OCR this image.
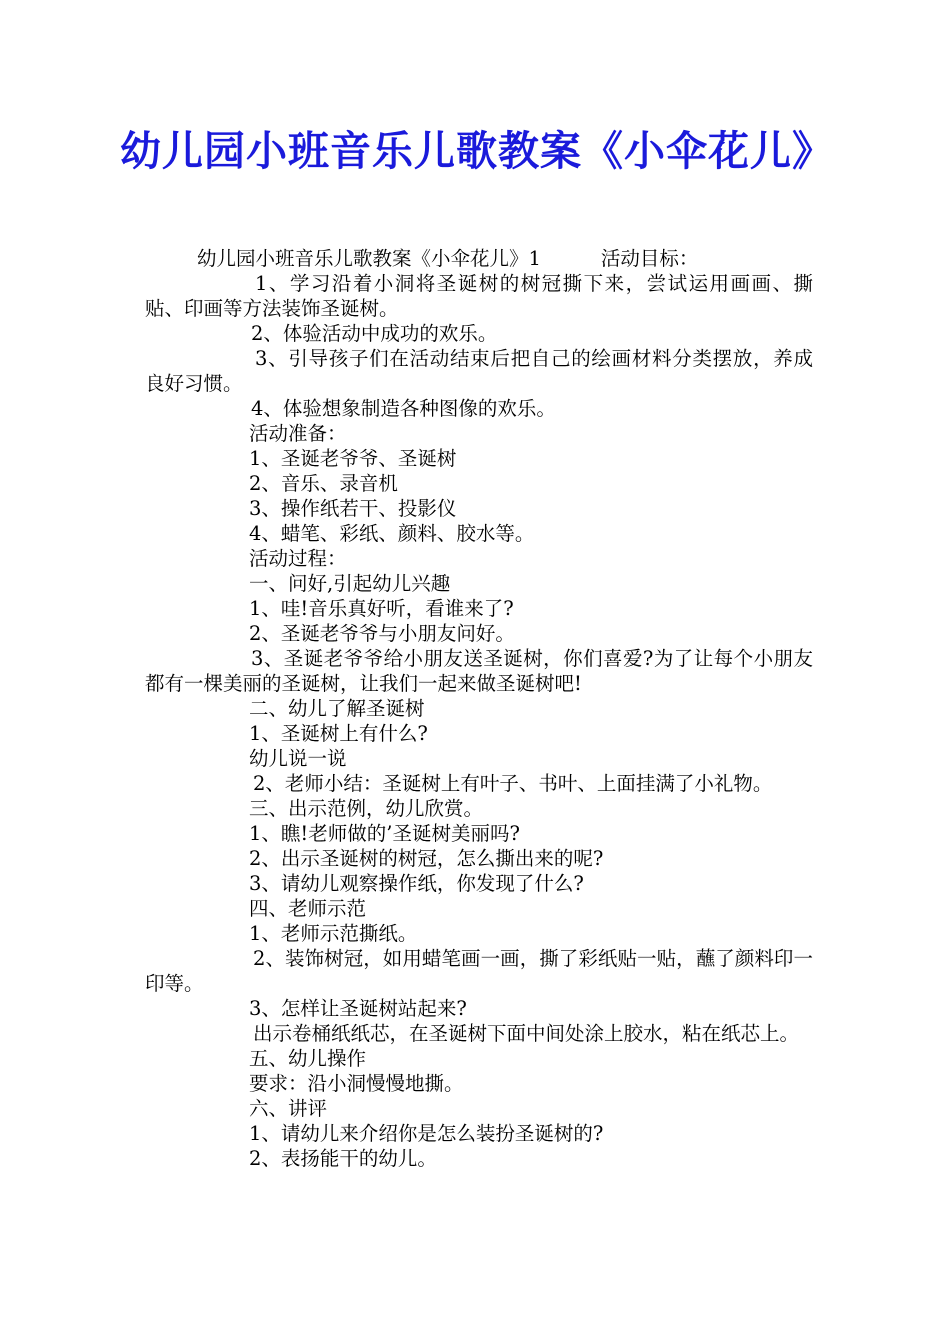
幼儿园小班音乐儿歌教案《小伞花儿》
幼儿园小班音乐儿歌教案《小伞花儿》1	活动目标：
1、学习沿着小洞将圣诞树的树冠撕下来，尝试运用画画、撕贴、印画等方法装饰圣诞树。
2、体验活动中成功的欢乐。
3、引导孩子们在活动结束后把自己的绘画材料分类摆放，养成良好习惯。
4、体验想象制造各种图像的欢乐。
活动准备：
1、圣诞老爷爷、圣诞树
2、音乐、录音机
3、操作纸若干、投影仪
4、蜡笔、彩纸、颜料、胶水等。
活动过程：
一、问好,引起幼儿兴趣
1、哇!音乐真好听，看谁来了?
2、圣诞老爷爷与小朋友问好。
3、圣诞老爷爷给小朋友送圣诞树，你们喜爱?为了让每个小朋友都有一棵美丽的圣诞树，让我们一起来做圣诞树吧!
二、幼儿了解圣诞树
1、圣诞树上有什么?
幼儿说一说
2、老师小结：圣诞树上有叶子、书叶、上面挂满了小礼物。
三、出示范例，幼儿欣赏。
1、瞧!老师做的’圣诞树美丽吗?
2、出示圣诞树的树冠，怎么撕出来的呢?
3、请幼儿观察操作纸，你发现了什么?
四、老师示范
1、老师示范撕纸。
2、装饰树冠，如用蜡笔画一画，撕了彩纸贴一贴，蘸了颜料印一印等。
3、怎样让圣诞树站起来?
出示卷桶纸纸芯，在圣诞树下面中间处涂上胶水，粘在纸芯上。
五、幼儿操作
要求：沿小洞慢慢地撕。
六、讲评
1、请幼儿来介绍你是怎么装扮圣诞树的?
2、表扬能干的幼儿。
